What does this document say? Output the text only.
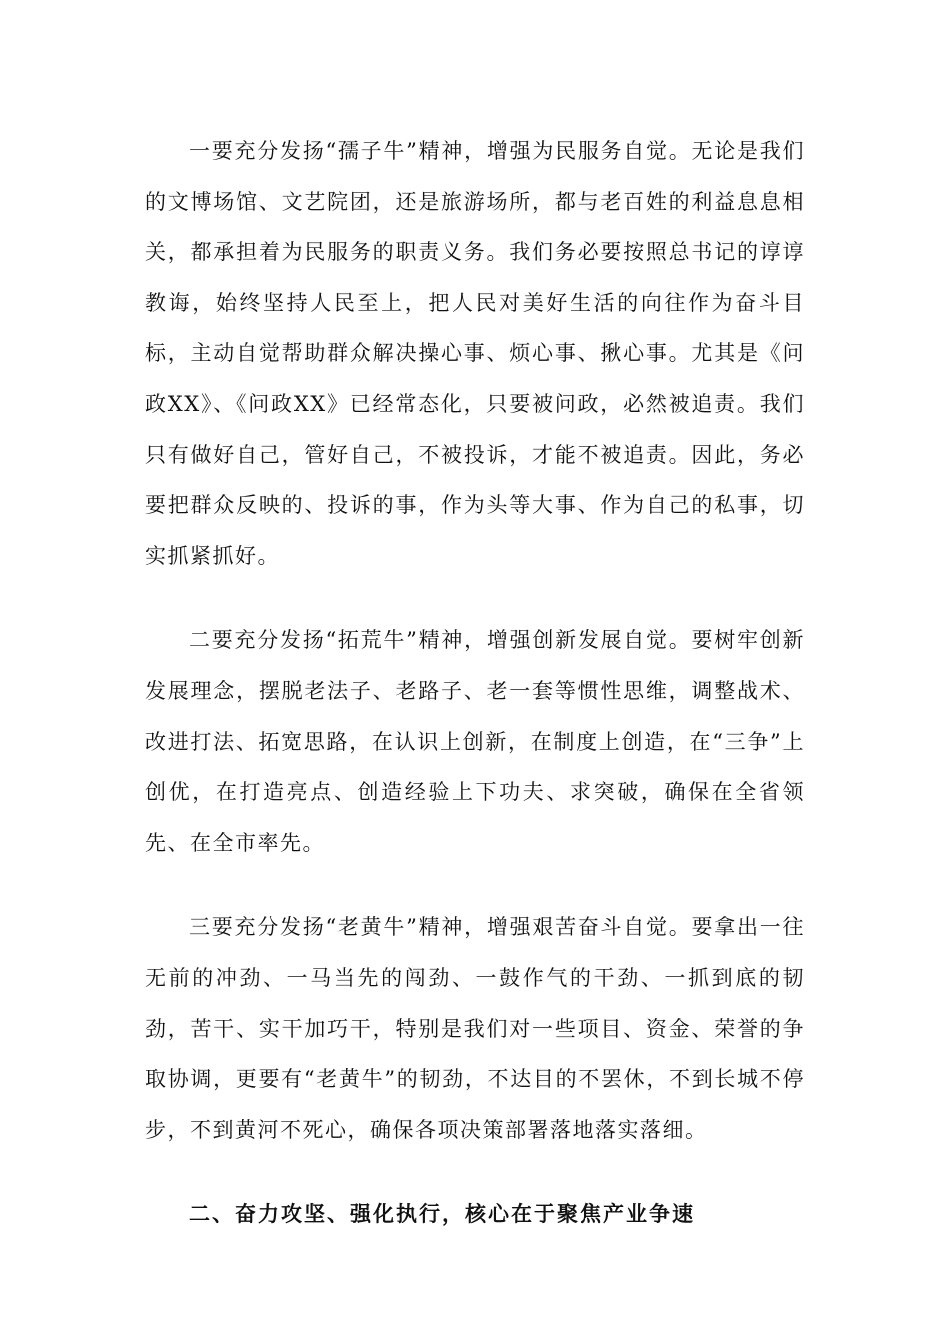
一要充分发扬“孺子牛”精神，增强为民服务自觉。无论是我们的文博场馆、文艺院团，还是旅游场所，都与老百姓的利益息息相关，都承担着为民服务的职责义务。我们务必要按照总书记的谆谆教诲，始终坚持人民至上，把人民对美好生活的向往作为奋斗目标，主动自觉帮助群众解决操心事、烦心事、揪心事。尤其是《问政XX》、《问政XX》已经常态化，只要被问政，必然被追责。我们只有做好自己，管好自己，不被投诉，才能不被追责。因此，务必要把群众反映的、投诉的事，作为头等大事、作为自己的私事，切实抓紧抓好。

二要充分发扬“拓荒牛”精神，增强创新发展自觉。要树牢创新发展理念，摆脱老法子、老路子、老一套等惯性思维，调整战术、改进打法、拓宽思路，在认识上创新，在制度上创造，在“三争”上创优，在打造亮点、创造经验上下功夫、求突破，确保在全省领先、在全市率先。

三要充分发扬“老黄牛”精神，增强艰苦奋斗自觉。要拿出一往无前的冲劲、一马当先的闯劲、一鼓作气的干劲、一抓到底的韧劲，苦干、实干加巧干，特别是我们对一些项目、资金、荣誉的争取协调，更要有“老黄牛”的韧劲，不达目的不罢休，不到长城不停步，不到黄河不死心，确保各项决策部署落地落实落细。

二、奋力攻坚、强化执行，核心在于聚焦产业争速
